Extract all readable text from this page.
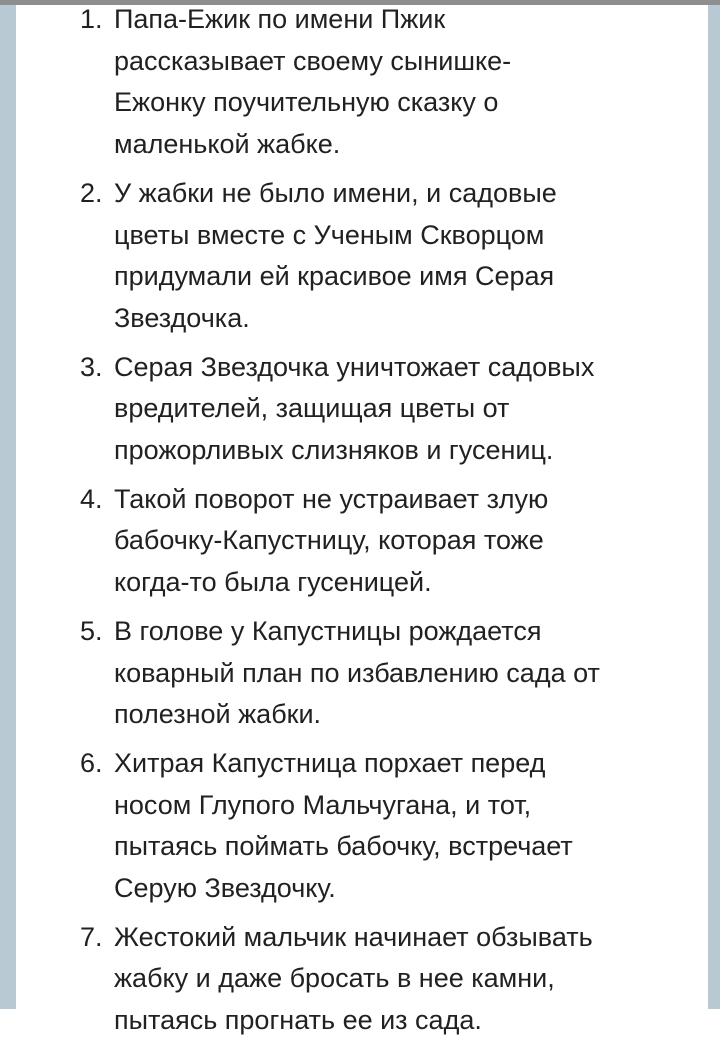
1. Папа-Ежик по имени Пжик
рассказывает своему сынишке-
Ежонку поучительную сказку о
маленькой жабке.
2. У жабки не было имени, и садовые
цветы вместе с Ученым Скворцом
придумали ей красивое имя Серая
Звездочка.
3. Серая Звездочка уничтожает садовых
вредителей, защищая цветы от
прожорливых слизняков и гусениц.
4. Такой поворот не устраивает злую
бабочку-Капустницу, которая тоже
когда-то была гусеницей.
5. В голове у Капустницы рождается
коварный план по избавлению сада от
полезной жабки.
6. Хитрая Капустница порхает перед
носом Глупого Мальчугана, и тот,
пытаясь поймать бабочку, встречает
Серую Звездочку.
7. Жестокий мальчик начинает обзывать
жабку и даже бросать в нее камни,
пытаясь прогнать ее из сада.
